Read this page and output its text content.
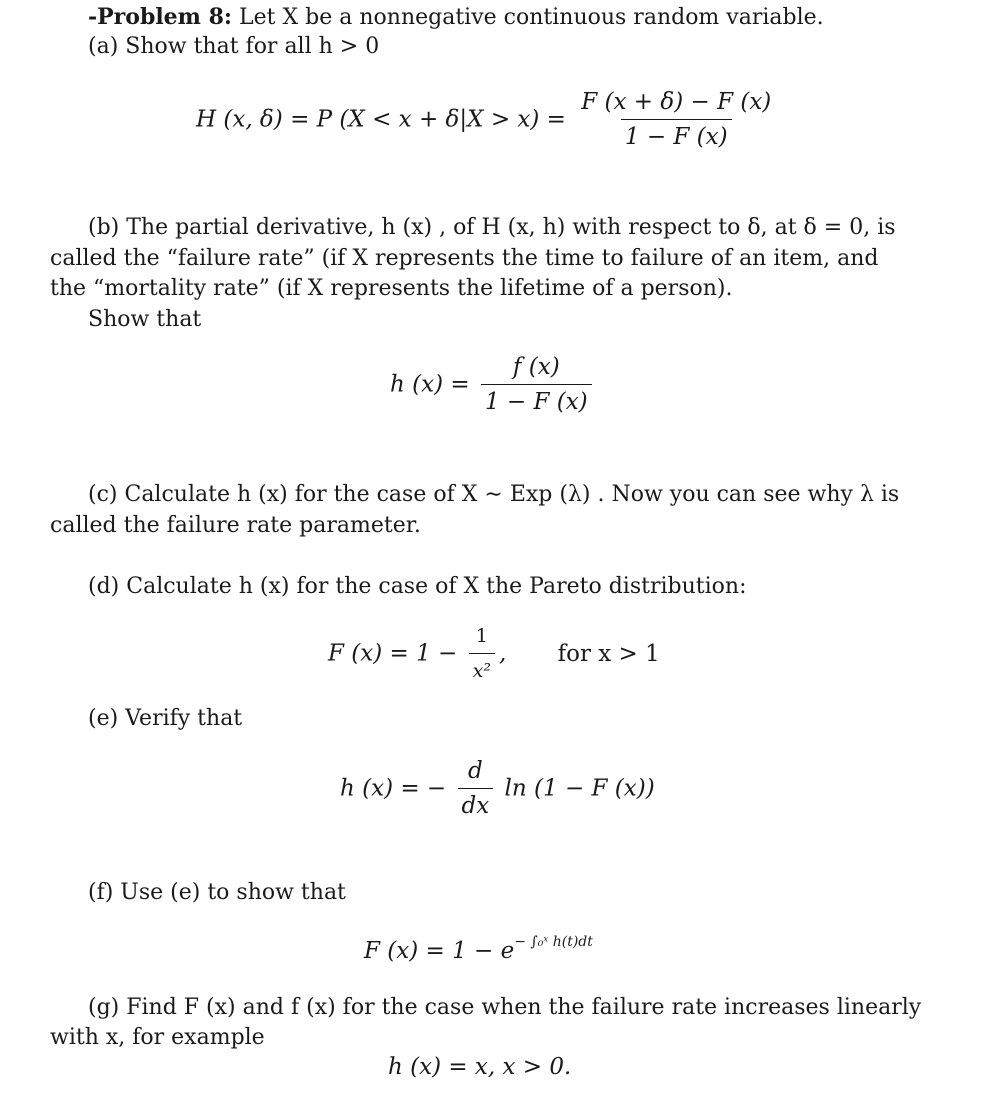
-Problem 8: Let X be a nonnegative continuous random variable.
(a) Show that for all h > 0
H (x, δ) = P $(X < x + \delta|X > x) = \frac{F (x + \delta) - F (x)}{1 - F (x)}$
(b) The partial derivative, h (x) , of H (x, h) with respect to δ, at δ = 0, is
called the “failure rate” (if X represents the time to failure of an item, and
the “mortality rate” (if X represents the lifetime of a person).
Show that
h $(x) = \frac{f (x)}{1 - F (x)}$
(c) Calculate h (x) for the case of X ∼ Exp (λ) . Now you can see why λ is
called the failure rate parameter.
(d) Calculate h (x) for the case of X the Pareto distribution:
F $(x) = 1 - \frac{1}{\text{x²}}$ , for x > 1
(e) Verify that
h (x) = − $\frac{d}{dx}$ ln (1 − F (x))
(f) Use (e) to show that
F $(x) = 1 - e^{- \int_0ˣ h(t)dt}$
(g) Find F (x) and f (x) for the case when the failure rate increases linearly
with x, for example
h (x) = x, x > 0.
